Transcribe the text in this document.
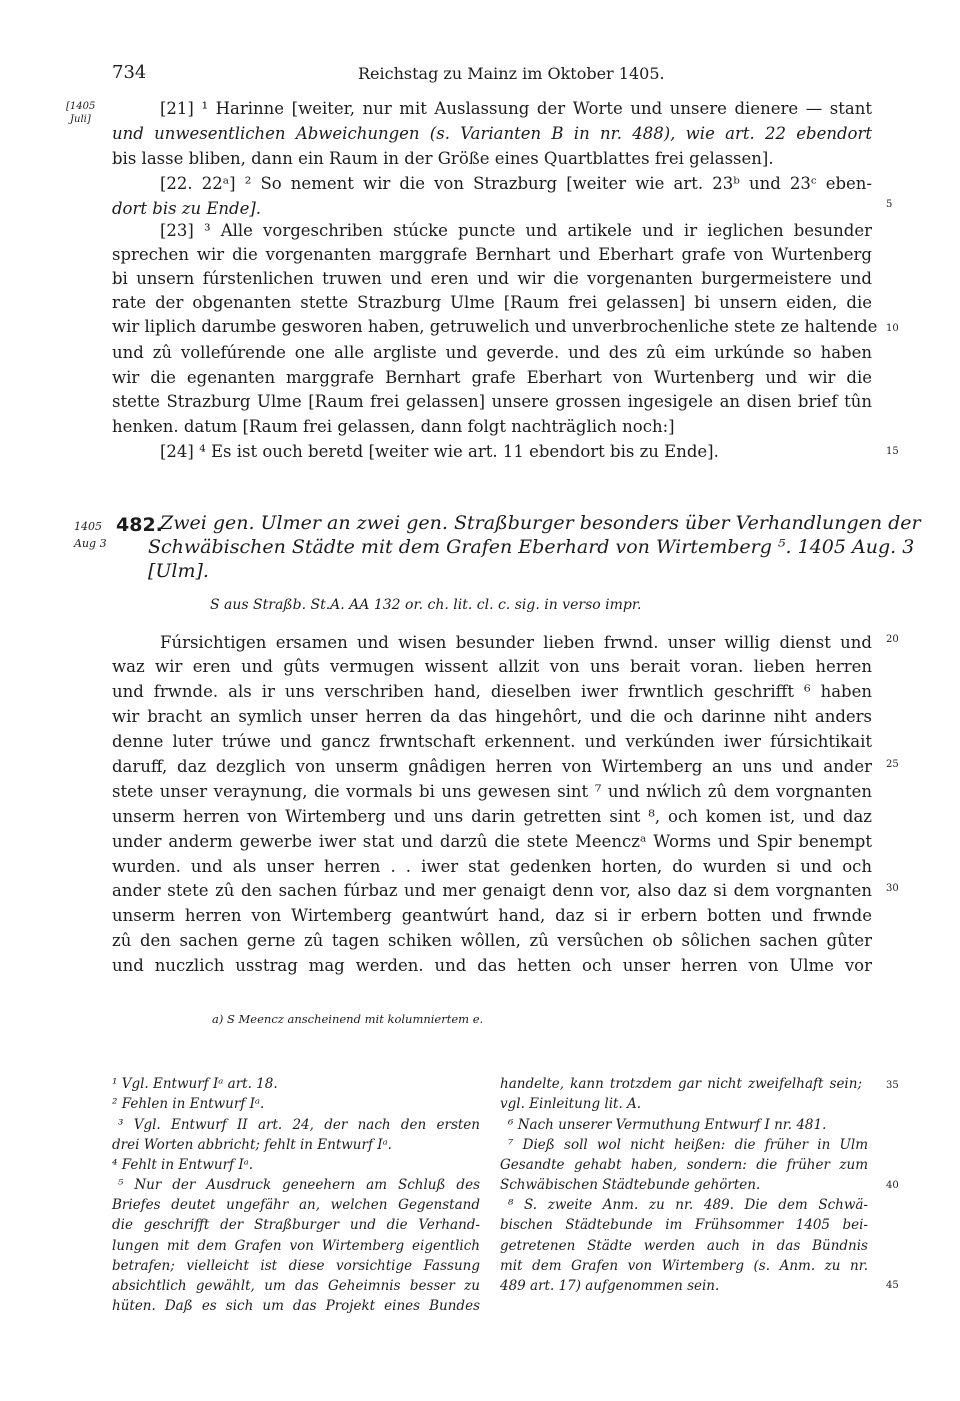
734	Reichstag zu Mainz im Oktober 1405.
[1405
Juli]
1405
Aug 3
[21] ¹ Harinne [weiter, nur mit Auslassung der Worte und unsere dienere — stant
und unwesentlichen Abweichungen (s. Varianten B in nr. 488), wie art. 22 ebendort
bis lasse bliben, dann ein Raum in der Größe eines Quartblattes frei gelassen].
[22. 22ᵃ] ² So nement wir die von Strazburg [weiter wie art. 23ᵇ und 23ᶜ eben-
dort bis zu Ende].
[23] ³ Alle vorgeschriben stúcke puncte und artikele und ir ieglichen besunder
sprechen wir die vorgenanten marggrafe Bernhart und Eberhart grafe von Wurtenberg
bi unsern fúrstenlichen truwen und eren und wir die vorgenanten burgermeistere und
rate der obgenanten stette Strazburg Ulme [Raum frei gelassen] bi unsern eiden, die
wir liplich darumbe gesworen haben, getruwelich und unverbrochenliche stete ze haltende
und zû vollefúrende one alle argliste und geverde. und des zû eim urkúnde so haben
wir die egenanten marggrafe Bernhart grafe Eberhart von Wurtenberg und wir die
stette Strazburg Ulme [Raum frei gelassen] unsere grossen ingesigele an disen brief tûn
henken. datum [Raum frei gelassen, dann folgt nachträglich noch:]
[24] ⁴ Es ist ouch beretd [weiter wie art. 11 ebendort bis zu Ende].
5
10
15
20
25
30
35
40
45
482.
Zwei gen. Ulmer an zwei gen. Straßburger besonders über Verhandlungen der
Schwäbischen Städte mit dem Grafen Eberhard von Wirtemberg ⁵. 1405 Aug. 3
[Ulm].
S aus Straßb. St.A. AA 132 or. ch. lit. cl. c. sig. in verso impr.
Fúrsichtigen ersamen und wisen besunder lieben frwnd. unser willig dienst und
waz wir eren und gûts vermugen wissent allzit von uns berait voran. lieben herren
und frwnde. als ir uns verschriben hand, dieselben iwer frwntlich geschrifft ⁶ haben
wir bracht an symlich unser herren da das hingehôrt, und die och darinne niht anders
denne luter trúwe und gancz frwntschaft erkennent. und verkúnden iwer fúrsichtikait
daruff, daz dezglich von unserm gnâdigen herren von Wirtemberg an uns und ander
stete unser veraynung, die vormals bi uns gewesen sint ⁷ und nẃlich zû dem vorgnanten
unserm herren von Wirtemberg und uns darin getretten sint ⁸, och komen ist, und daz
under anderm gewerbe iwer stat und darzû die stete Meenczᵃ Worms und Spir benempt
wurden. und als unser herren . . iwer stat gedenken horten, do wurden si und och
ander stete zû den sachen fúrbaz und mer genaigt denn vor, also daz si dem vorgnanten
unserm herren von Wirtemberg geantwúrt hand, daz si ir erbern botten und frwnde
zû den sachen gerne zû tagen schiken wôllen, zû versûchen ob sôlichen sachen gûter
und nuczlich usstrag mag werden. und das hetten och unser herren von Ulme vor
a) S Meencz anscheinend mit kolumniertem e.
¹ Vgl. Entwurf Iᵃ art. 18.
² Fehlen in Entwurf Iᵃ.
³ Vgl. Entwurf II art. 24, der nach den ersten
drei Worten abbricht; fehlt in Entwurf Iᵃ.
⁴ Fehlt in Entwurf Iᵃ.
⁵ Nur der Ausdruck geneehern am Schluß des
Briefes deutet ungefähr an, welchen Gegenstand
die geschrifft der Straßburger und die Verhand-
lungen mit dem Grafen von Wirtemberg eigentlich
betrafen; vielleicht ist diese vorsichtige Fassung
absichtlich gewählt, um das Geheimnis besser zu
hüten. Daß es sich um das Projekt eines Bundes
handelte, kann trotzdem gar nicht zweifelhaft sein;
vgl. Einleitung lit. A.
⁶ Nach unserer Vermuthung Entwurf I nr. 481.
⁷ Dieß soll wol nicht heißen: die früher in Ulm
Gesandte gehabt haben, sondern: die früher zum
Schwäbischen Städtebunde gehörten.
⁸ S. zweite Anm. zu nr. 489. Die dem Schwä-
bischen Städtebunde im Frühsommer 1405 bei-
getretenen Städte werden auch in das Bündnis
mit dem Grafen von Wirtemberg (s. Anm. zu nr.
489 art. 17) aufgenommen sein.
